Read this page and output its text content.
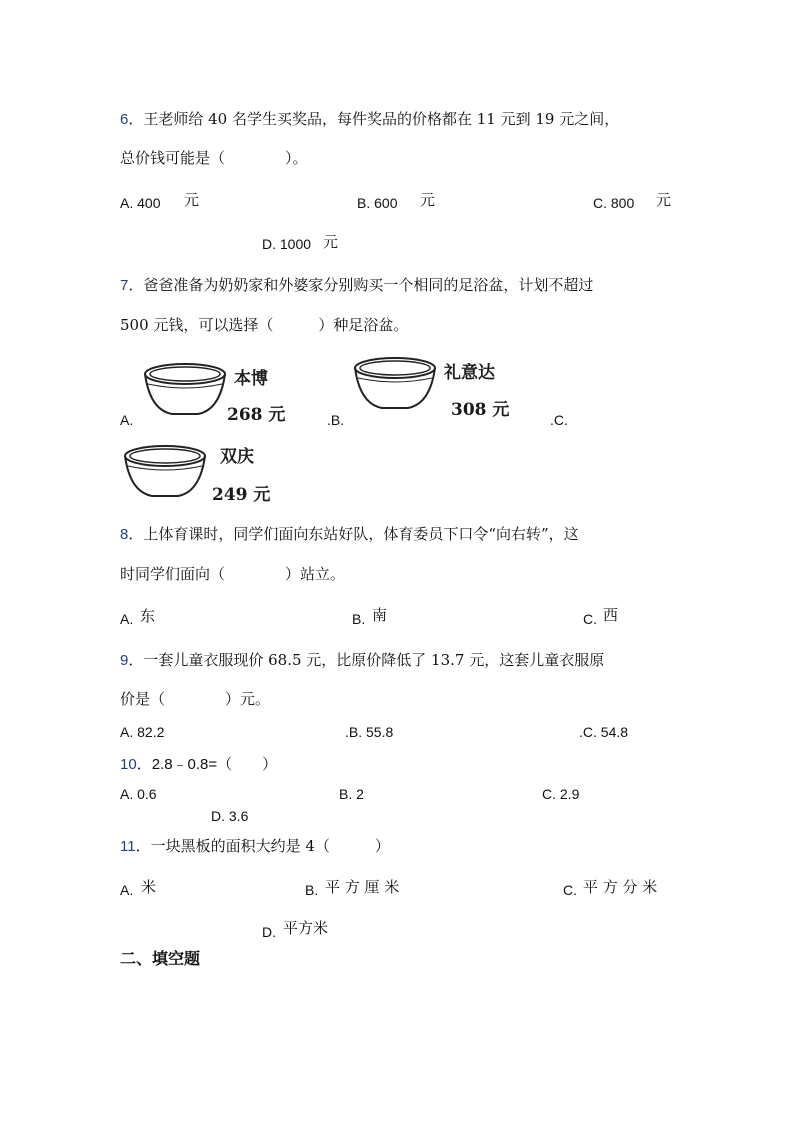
6．王老师给 40 名学生买奖品，每件奖品的价格都在 11 元到 19 元之间，
总价钱可能是（　　　　）。
A. 400 元	B. 600 元	C. 800 元
D. 1000 元
7．爸爸准备为奶奶家和外婆家分别购买一个相同的足浴盆，计划不超过
500 元钱，可以选择（　　　）种足浴盆。
A.
本博
268 元	.B.
礼意达
308 元	.C.
双庆
249 元
8．上体育课时，同学们面向东站好队，体育委员下口令“向右转”，这
时同学们面向（　　　　）站立。
A. 东	B. 南	C. 西
9．一套儿童衣服现价 68.5 元，比原价降低了 13.7 元，这套儿童衣服原
价是（　　　　）元。
A. 82.2	.B. 55.8	.C. 54.8
10．2.8﹣0.8=（　　）
A. 0.6	B. 2	C. 2.9
D. 3.6
11．一块黑板的面积大约是 4（　　　）
A. 米	B. 平 方 厘 米	C. 平 方 分 米
D. 平方米
二、填空题
